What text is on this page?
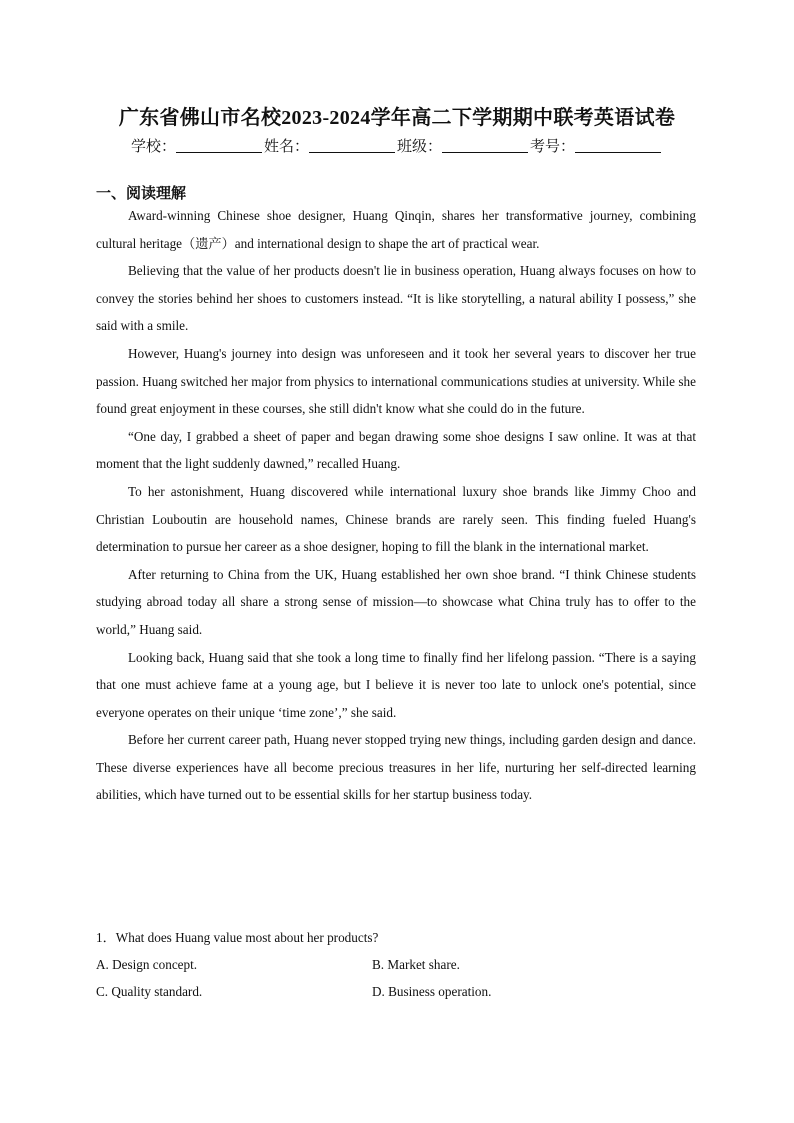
广东省佛山市名校2023-2024学年高二下学期期中联考英语试卷
学校：	姓名：	班级：	考号：
一、阅读理解

Award-winning Chinese shoe designer, Huang Qinqin, shares her transformative journey, combining cultural heritage（遗产）and international design to shape the art of practical wear.

Believing that the value of her products doesn't lie in business operation, Huang always focuses on how to convey the stories behind her shoes to customers instead. “It is like storytelling, a natural ability I possess,” she said with a smile.

However, Huang's journey into design was unforeseen and it took her several years to discover her true passion. Huang switched her major from physics to international communications studies at university. While she found great enjoyment in these courses, she still didn't know what she could do in the future.

“One day, I grabbed a sheet of paper and began drawing some shoe designs I saw online. It was at that moment that the light suddenly dawned,” recalled Huang.

To her astonishment, Huang discovered while international luxury shoe brands like Jimmy Choo and Christian Louboutin are household names, Chinese brands are rarely seen. This finding fueled Huang's determination to pursue her career as a shoe designer, hoping to fill the blank in the international market.

After returning to China from the UK, Huang established her own shoe brand. “I think Chinese students studying abroad today all share a strong sense of mission—to showcase what China truly has to offer to the world,” Huang said.

Looking back, Huang said that she took a long time to finally find her lifelong passion. “There is a saying that one must achieve fame at a young age, but I believe it is never too late to unlock one's potential, since everyone operates on their unique ‘time zone’,” she said.

Before her current career path, Huang never stopped trying new things, including garden design and dance. These diverse experiences have all become precious treasures in her life, nurturing her self-directed learning abilities, which have turned out to be essential skills for her startup business today.

1．What does Huang value most about her products?
A. Design concept.	B. Market share.
C. Quality standard.	D. Business operation.
